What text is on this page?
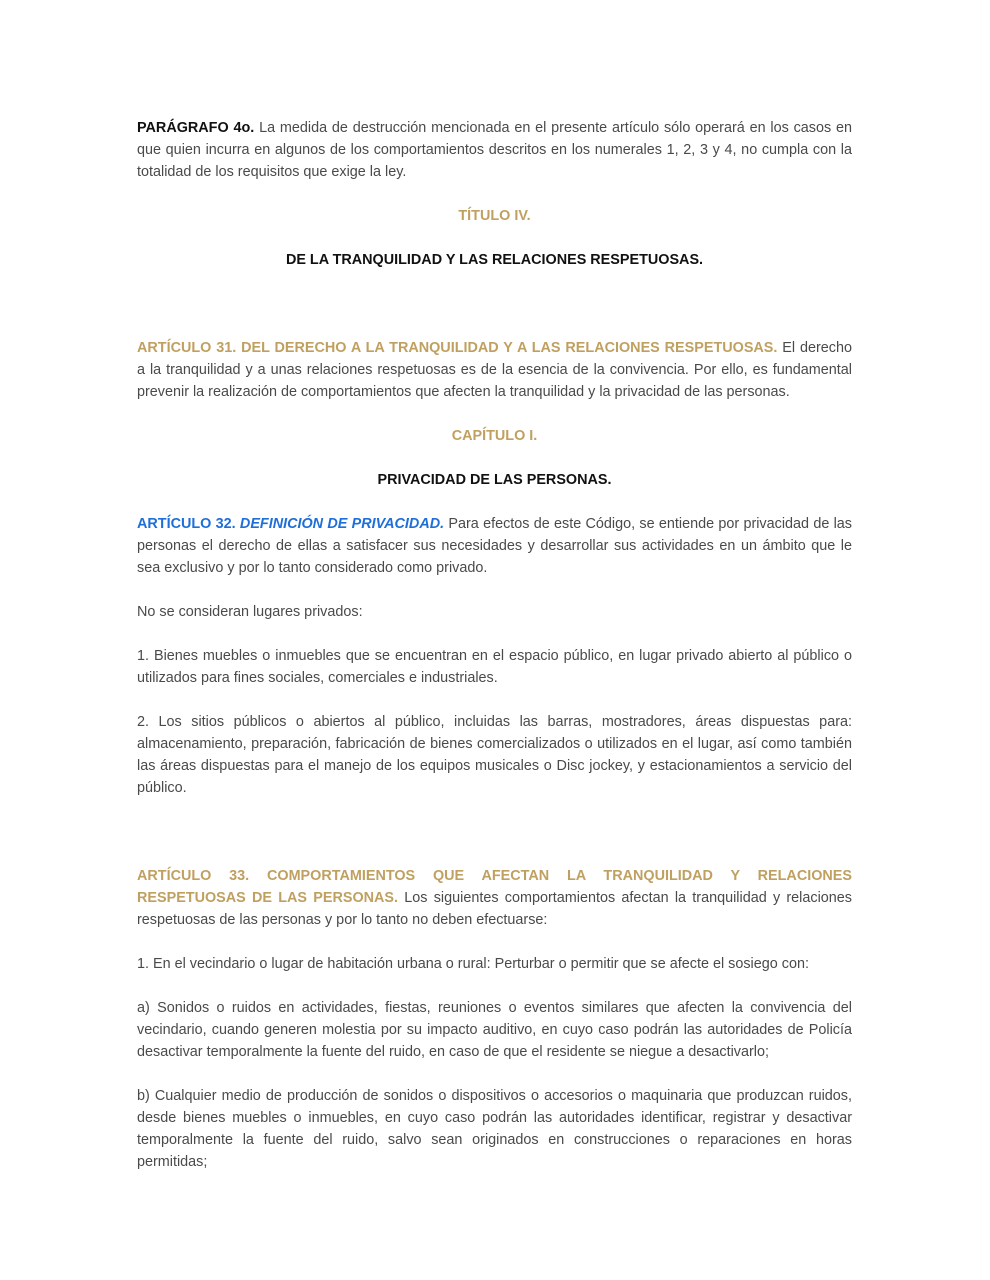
PARÁGRAFO 4o. La medida de destrucción mencionada en el presente artículo sólo operará en los casos en que quien incurra en algunos de los comportamientos descritos en los numerales 1, 2, 3 y 4, no cumpla con la totalidad de los requisitos que exige la ley.

TÍTULO IV.

DE LA TRANQUILIDAD Y LAS RELACIONES RESPETUOSAS.

ARTÍCULO 31. DEL DERECHO A LA TRANQUILIDAD Y A LAS RELACIONES RESPETUOSAS. El derecho a la tranquilidad y a unas relaciones respetuosas es de la esencia de la convivencia. Por ello, es fundamental prevenir la realización de comportamientos que afecten la tranquilidad y la privacidad de las personas.

CAPÍTULO I.

PRIVACIDAD DE LAS PERSONAS.

ARTÍCULO 32. DEFINICIÓN DE PRIVACIDAD. Para efectos de este Código, se entiende por privacidad de las personas el derecho de ellas a satisfacer sus necesidades y desarrollar sus actividades en un ámbito que le sea exclusivo y por lo tanto considerado como privado.

No se consideran lugares privados:

1. Bienes muebles o inmuebles que se encuentran en el espacio público, en lugar privado abierto al público o utilizados para fines sociales, comerciales e industriales.

2. Los sitios públicos o abiertos al público, incluidas las barras, mostradores, áreas dispuestas para: almacenamiento, preparación, fabricación de bienes comercializados o utilizados en el lugar, así como también las áreas dispuestas para el manejo de los equipos musicales o Disc jockey, y estacionamientos a servicio del público.

ARTÍCULO 33. COMPORTAMIENTOS QUE AFECTAN LA TRANQUILIDAD Y RELACIONES RESPETUOSAS DE LAS PERSONAS. Los siguientes comportamientos afectan la tranquilidad y relaciones respetuosas de las personas y por lo tanto no deben efectuarse:

1. En el vecindario o lugar de habitación urbana o rural: Perturbar o permitir que se afecte el sosiego con:

a) Sonidos o ruidos en actividades, fiestas, reuniones o eventos similares que afecten la convivencia del vecindario, cuando generen molestia por su impacto auditivo, en cuyo caso podrán las autoridades de Policía desactivar temporalmente la fuente del ruido, en caso de que el residente se niegue a desactivarlo;

b) Cualquier medio de producción de sonidos o dispositivos o accesorios o maquinaria que produzcan ruidos, desde bienes muebles o inmuebles, en cuyo caso podrán las autoridades identificar, registrar y desactivar temporalmente la fuente del ruido, salvo sean originados en construcciones o reparaciones en horas permitidas;
